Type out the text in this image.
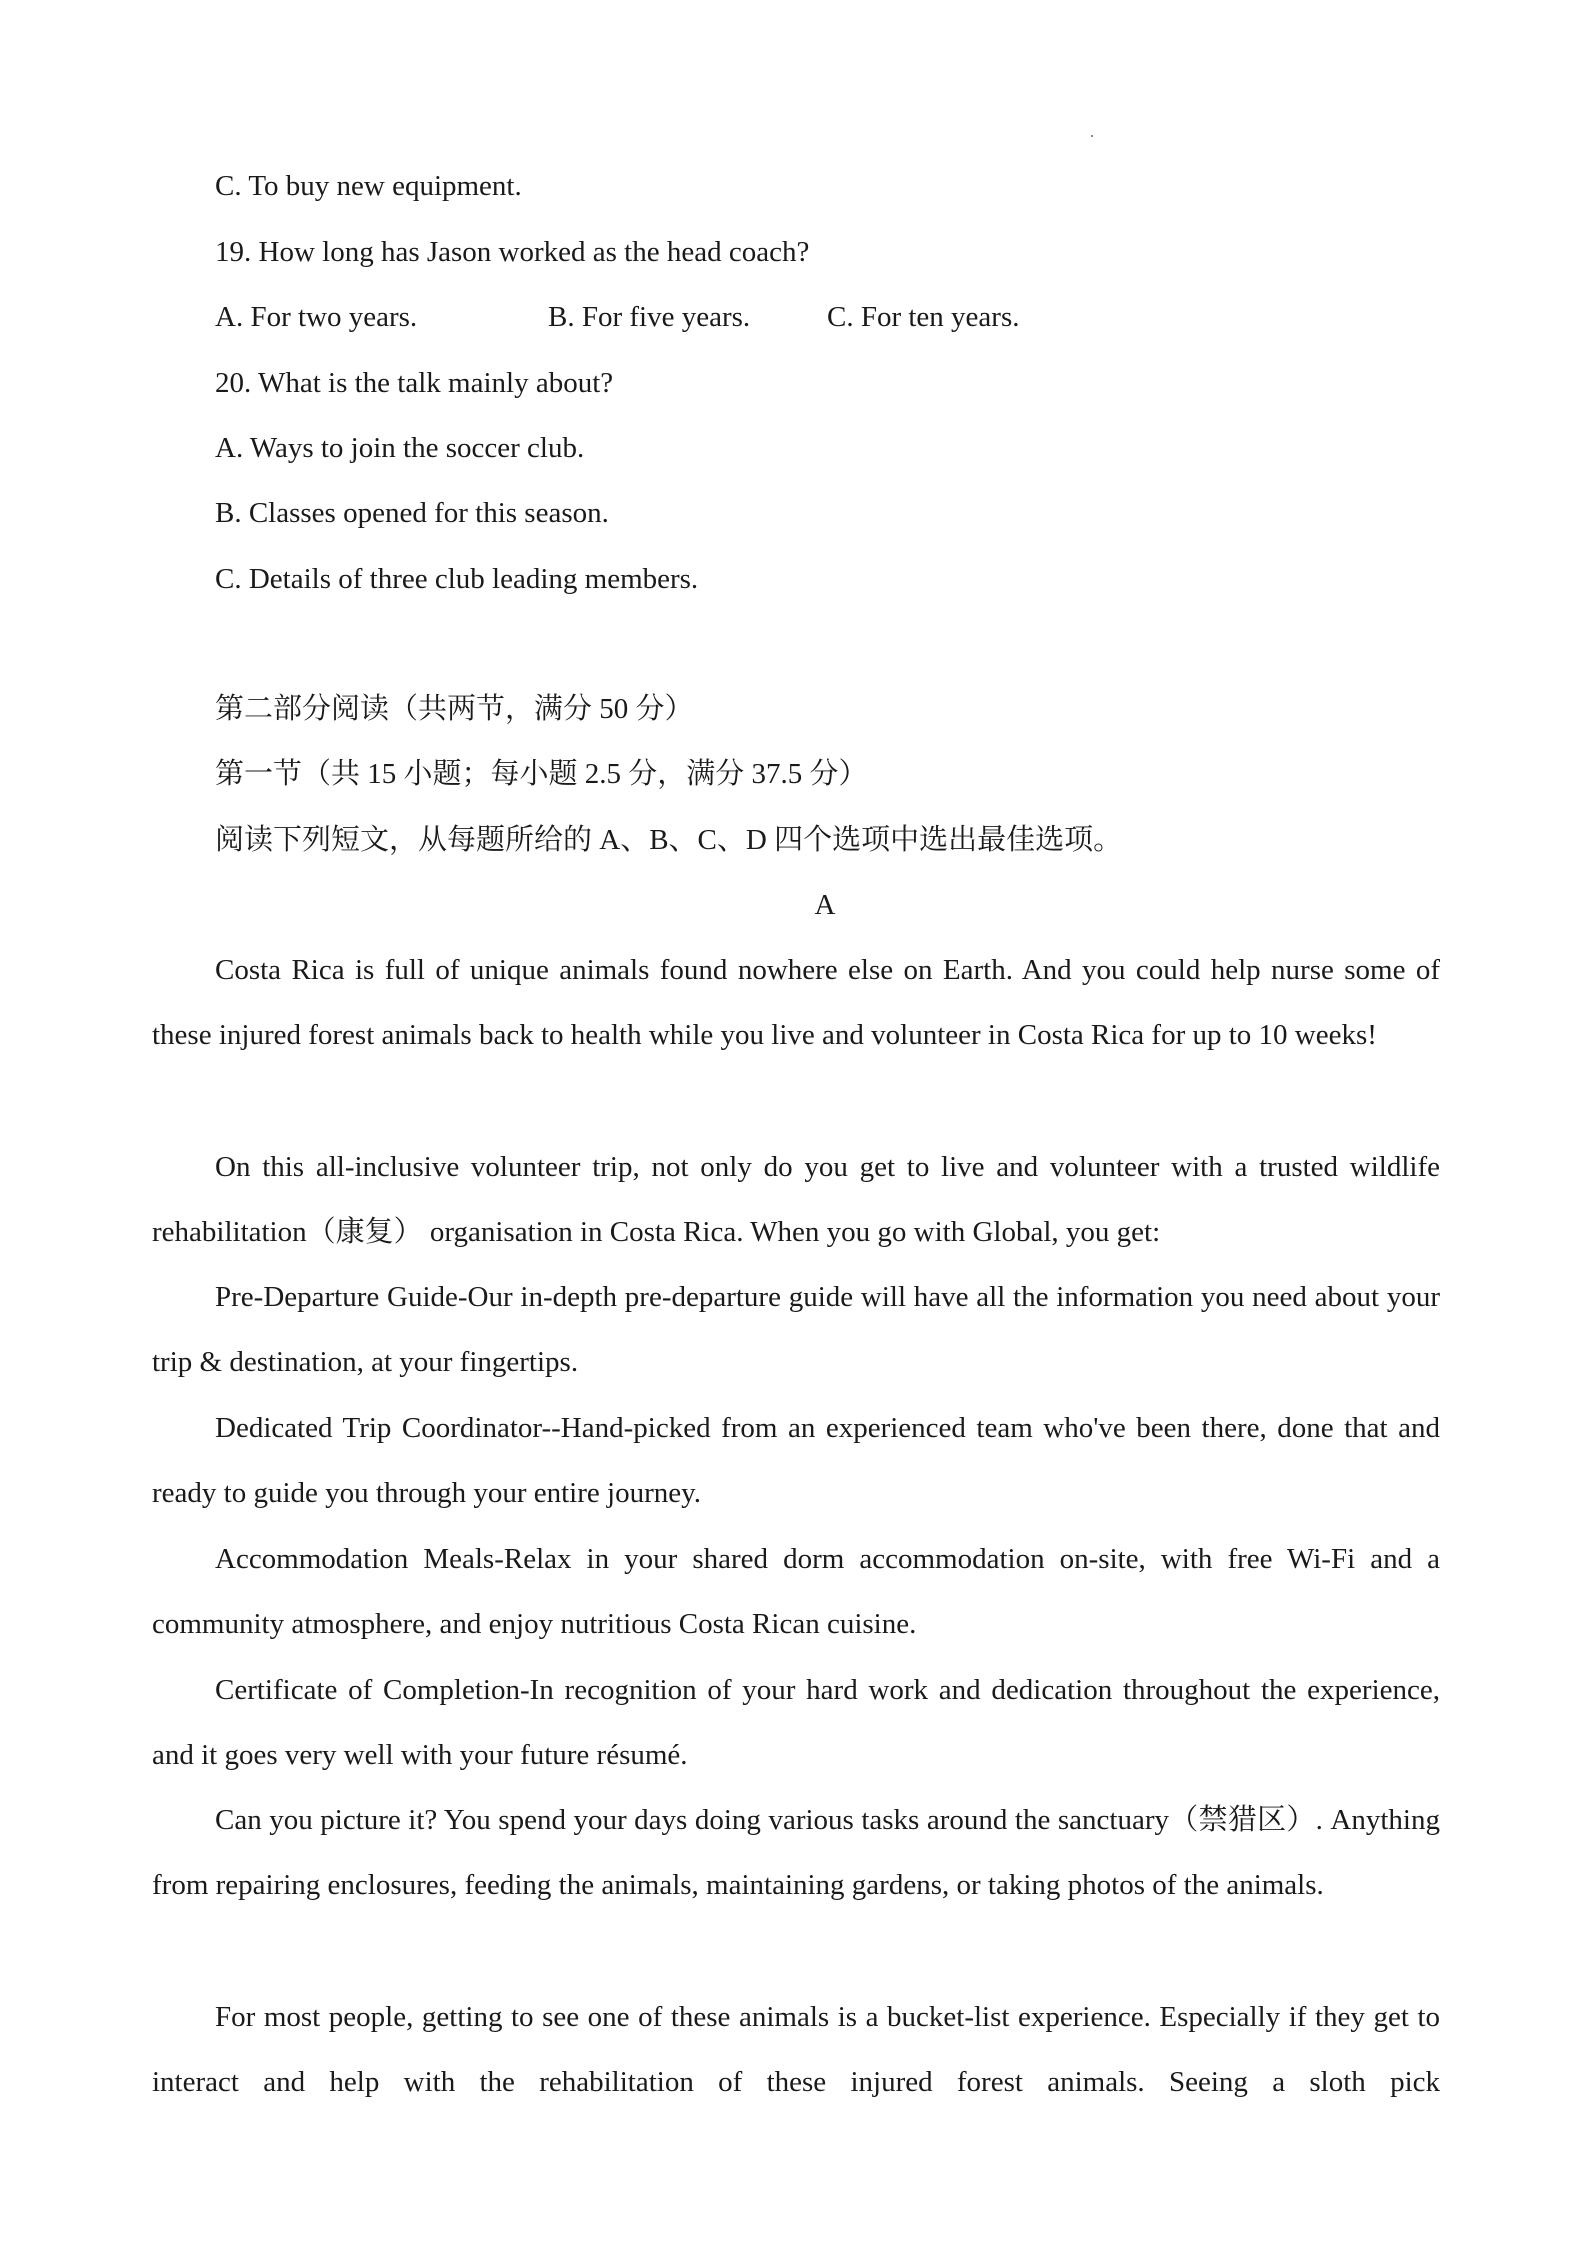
C. To buy new equipment.
19. How long has Jason worked as the head coach?
A. For two years.	B. For five years.	C. For ten years.
20. What is the talk mainly about?
A. Ways to join the soccer club.
B. Classes opened for this season.
C. Details of three club leading members.
第二部分阅读（共两节，满分 50 分）
第一节（共 15 小题；每小题 2.5 分，满分 37.5 分）
阅读下列短文，从每题所给的 A、B、C、D 四个选项中选出最佳选项。
A
Costa Rica is full of unique animals found nowhere else on Earth. And you could help nurse some of these injured forest animals back to health while you live and volunteer in Costa Rica for up to 10 weeks!
On this all-inclusive volunteer trip, not only do you get to live and volunteer with a trusted wildlife rehabilitation（康复） organisation in Costa Rica. When you go with Global, you get:
Pre-Departure Guide-Our in-depth pre-departure guide will have all the information you need about your trip & destination, at your fingertips.
Dedicated Trip Coordinator--Hand-picked from an experienced team who've been there, done that and ready to guide you through your entire journey.
Accommodation Meals-Relax in your shared dorm accommodation on-site, with free Wi-Fi and a community atmosphere, and enjoy nutritious Costa Rican cuisine.
Certificate of Completion-In recognition of your hard work and dedication throughout the experience, and it goes very well with your future résumé.
Can you picture it? You spend your days doing various tasks around the sanctuary（禁猎区）. Anything from repairing enclosures, feeding the animals, maintaining gardens, or taking photos of the animals.
For most people, getting to see one of these animals is a bucket-list experience. Especially if they get to interact and help with the rehabilitation of these injured forest animals. Seeing a sloth pick
